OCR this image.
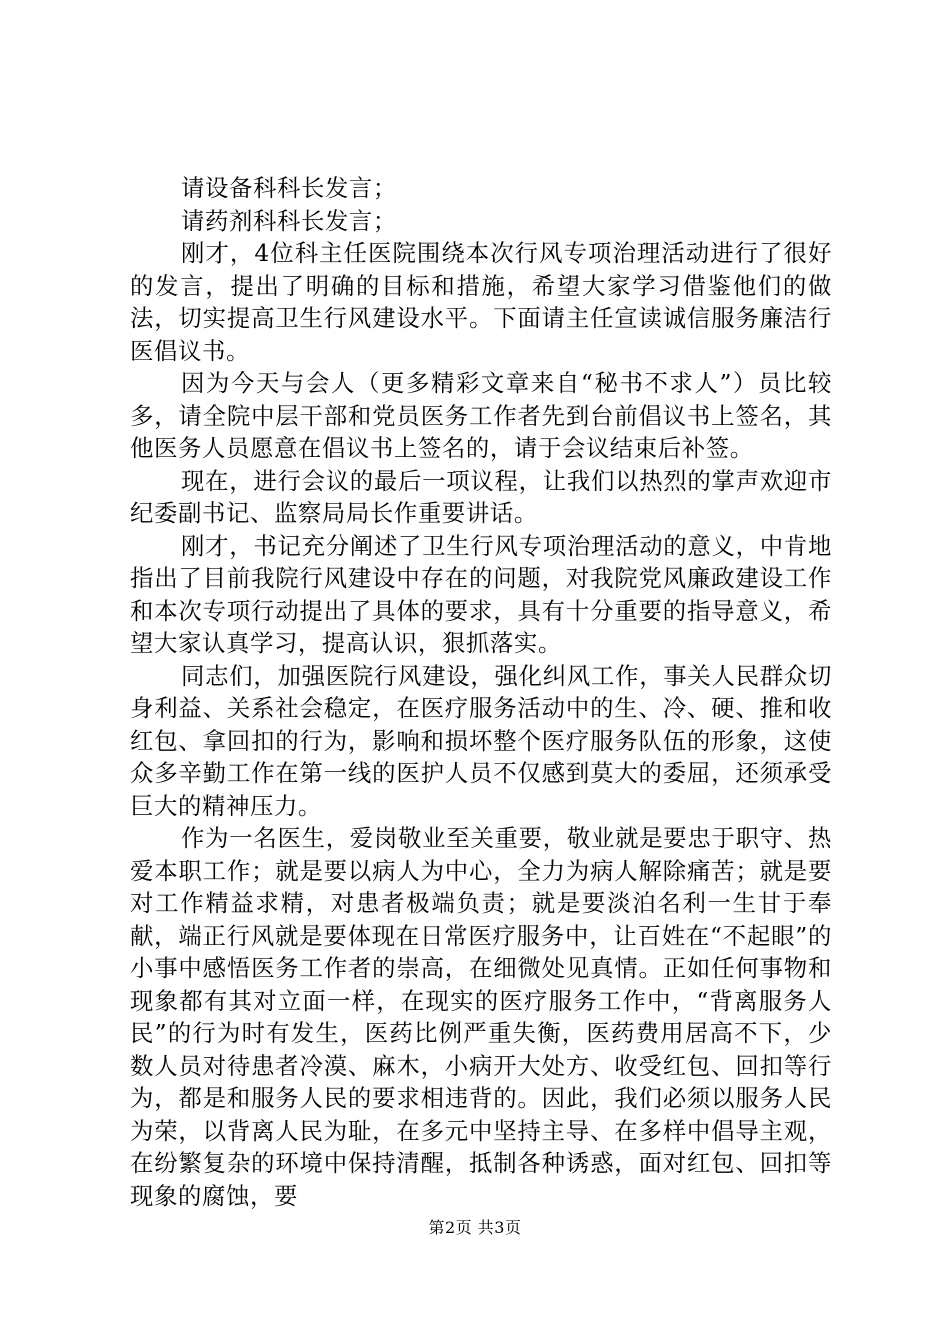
请设备科科长发言；

请药剂科科长发言；

刚才，4位科主任医院围绕本次行风专项治理活动进行了很好的发言，提出了明确的目标和措施，希望大家学习借鉴他们的做法，切实提高卫生行风建设水平。下面请主任宣读诚信服务廉洁行医倡议书。

因为今天与会人（更多精彩文章来自“秘书不求人”）员比较多，请全院中层干部和党员医务工作者先到台前倡议书上签名，其他医务人员愿意在倡议书上签名的，请于会议结束后补签。

现在，进行会议的最后一项议程，让我们以热烈的掌声欢迎市纪委副书记、监察局局长作重要讲话。

刚才，书记充分阐述了卫生行风专项治理活动的意义，中肯地指出了目前我院行风建设中存在的问题，对我院党风廉政建设工作和本次专项行动提出了具体的要求，具有十分重要的指导意义，希望大家认真学习，提高认识，狠抓落实。

同志们，加强医院行风建设，强化纠风工作，事关人民群众切身利益、关系社会稳定，在医疗服务活动中的生、冷、硬、推和收红包、拿回扣的行为，影响和损坏整个医疗服务队伍的形象，这使众多辛勤工作在第一线的医护人员不仅感到莫大的委屈，还须承受巨大的精神压力。

作为一名医生，爱岗敬业至关重要，敬业就是要忠于职守、热爱本职工作；就是要以病人为中心，全力为病人解除痛苦；就是要对工作精益求精，对患者极端负责；就是要淡泊名利一生甘于奉献，端正行风就是要体现在日常医疗服务中，让百姓在“不起眼”的小事中感悟医务工作者的崇高，在细微处见真情。正如任何事物和现象都有其对立面一样，在现实的医疗服务工作中，“背离服务人民”的行为时有发生，医药比例严重失衡，医药费用居高不下，少数人员对待患者冷漠、麻木，小病开大处方、收受红包、回扣等行为，都是和服务人民的要求相违背的。因此，我们必须以服务人民为荣，以背离人民为耻，在多元中坚持主导、在多样中倡导主观，在纷繁复杂的环境中保持清醒，抵制各种诱惑，面对红包、回扣等现象的腐蚀，要

第2页 共3页
